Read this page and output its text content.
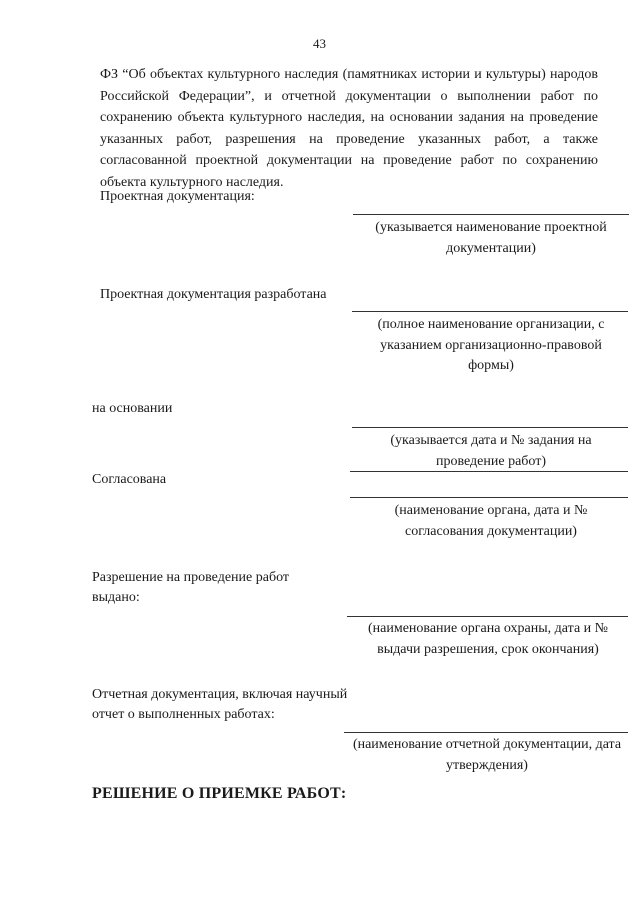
43
ФЗ “Об объектах культурного наследия (памятниках истории и культуры) народов Российской Федерации”, и отчетной документации о выполнении работ по сохранению объекта культурного наследия, на основании задания на проведение указанных работ, разрешения на проведение указанных работ, а также согласованной проектной документации на проведение работ по сохранению объекта культурного наследия.
Проектная документация:
(указывается наименование проектной документации)
Проектная документация разработана
(полное наименование организации, с указанием организационно-правовой формы)
на основании
(указывается дата и № задания на проведение работ)
Согласована
(наименование органа, дата и № согласования документации)
Разрешение на проведение работ выдано:
(наименование органа охраны, дата и № выдачи разрешения, срок окончания)
Отчетная документация, включая научный отчет о выполненных работах:
(наименование отчетной документации, дата утверждения)
РЕШЕНИЕ О ПРИЕМКЕ РАБОТ:
